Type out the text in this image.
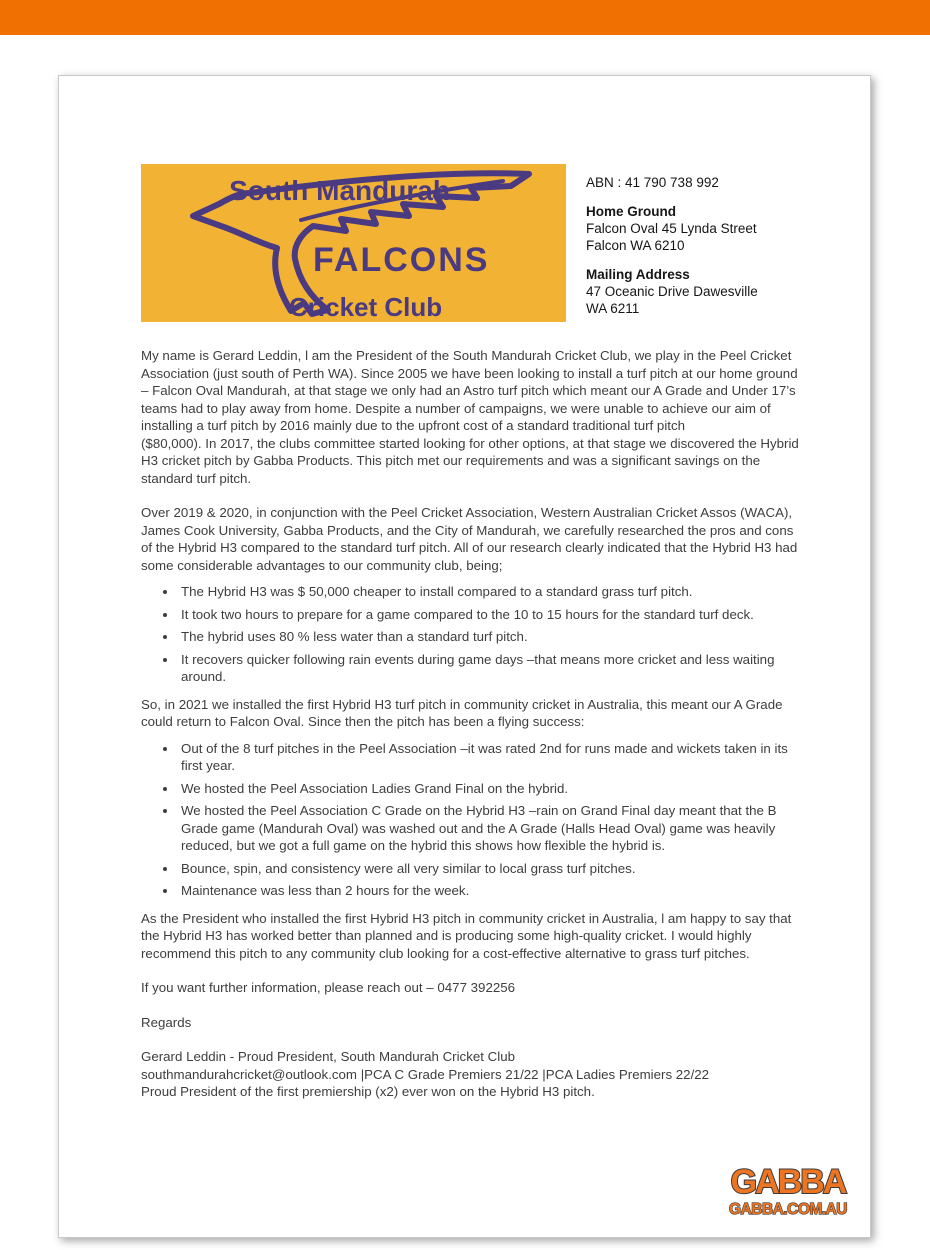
South Mandurah
FALCONS
Cricket Club
ABN : 41 790 738 992
Home Ground
Falcon Oval 45 Lynda Street
Falcon WA 6210
Mailing Address
47 Oceanic Drive Dawesville
WA 6211

My name is Gerard Leddin, l am the President of the South Mandurah Cricket Club, we play in the Peel Cricket Association (just south of Perth WA). Since 2005 we have been looking to install a turf pitch at our home ground – Falcon Oval Mandurah, at that stage we only had an Astro turf pitch which meant our A Grade and Under 17’s teams had to play away from home. Despite a number of campaigns, we were unable to achieve our aim of installing a turf pitch by 2016 mainly due to the upfront cost of a standard traditional turf pitch
($80,000). In 2017, the clubs committee started looking for other options, at that stage we discovered the Hybrid H3 cricket pitch by Gabba Products. This pitch met our requirements and was a significant savings on the standard turf pitch.

Over 2019 & 2020, in conjunction with the Peel Cricket Association, Western Australian Cricket Assos (WACA), James Cook University, Gabba Products, and the City of Mandurah, we carefully researched the pros and cons of the Hybrid H3 compared to the standard turf pitch. All of our research clearly indicated that the Hybrid H3 had some considerable advantages to our community club, being;

• The Hybrid H3 was $ 50,000 cheaper to install compared to a standard grass turf pitch.
• It took two hours to prepare for a game compared to the 10 to 15 hours for the standard turf deck.
• The hybrid uses 80 % less water than a standard turf pitch.
• It recovers quicker following rain events during game days –that means more cricket and less waiting around.

So, in 2021 we installed the first Hybrid H3 turf pitch in community cricket in Australia, this meant our A Grade could return to Falcon Oval. Since then the pitch has been a flying success:

• Out of the 8 turf pitches in the Peel Association –it was rated 2nd for runs made and wickets taken in its first year.
• We hosted the Peel Association Ladies Grand Final on the hybrid.
• We hosted the Peel Association C Grade on the Hybrid H3 –rain on Grand Final day meant that the B Grade game (Mandurah Oval) was washed out and the A Grade (Halls Head Oval) game was heavily reduced, but we got a full game on the hybrid this shows how flexible the hybrid is.
• Bounce, spin, and consistency were all very similar to local grass turf pitches.
• Maintenance was less than 2 hours for the week.

As the President who installed the first Hybrid H3 pitch in community cricket in Australia, l am happy to say that the Hybrid H3 has worked better than planned and is producing some high-quality cricket. I would highly recommend this pitch to any community club looking for a cost-effective alternative to grass turf pitches.

If you want further information, please reach out – 0477 392256

Regards

Gerard Leddin - Proud President, South Mandurah Cricket Club
southmandurahcricket@outlook.com |PCA C Grade Premiers 21/22 |PCA Ladies Premiers 22/22
Proud President of the first premiership (x2) ever won on the Hybrid H3 pitch.

GABBA
GABBA.COM.AU
